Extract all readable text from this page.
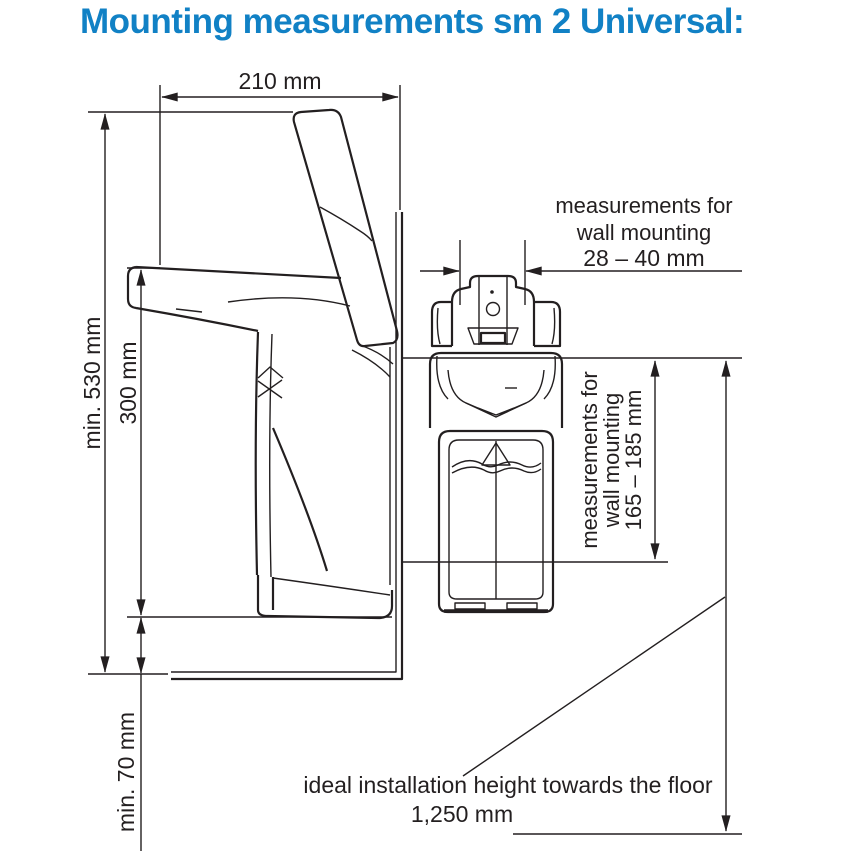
Mounting measurements sm 2 Universal:
210 mm
min. 530 mm 300 mm
min. 70 mm
measurements for
wall mounting
28 – 40 mm
measurements for
wall mounting
165 – 185 mm
ideal installation height towards the floor
1,250 mm
